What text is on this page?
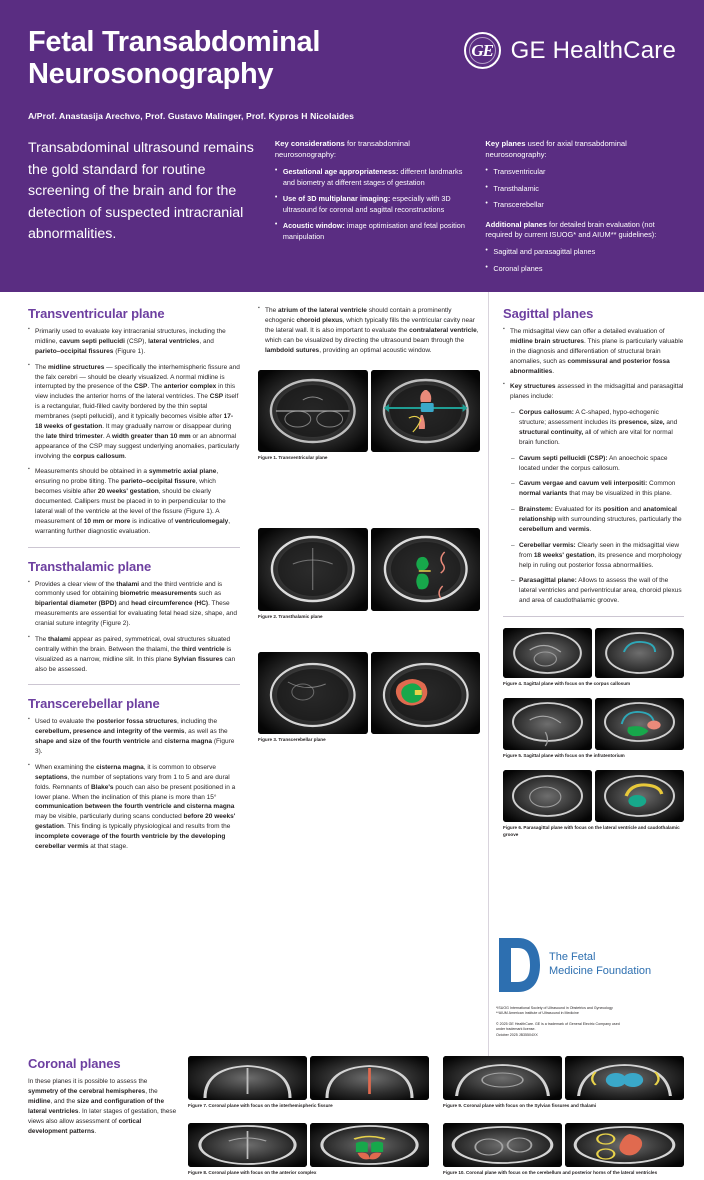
Fetal Transabdominal Neurosonography
GE GE HealthCare
A/Prof. Anastasija Arechvo, Prof. Gustavo Malinger, Prof. Kypros H Nicolaides
Transabdominal ultrasound remains the gold standard for routine screening of the brain and for the detection of suspected intracranial abnormalities.
Key considerations for transabdominal neurosonography:
• Gestational age appropriateness: different landmarks and biometry at different stages of gestation
• Use of 3D multiplanar imaging: especially with 3D ultrasound for coronal and sagittal reconstructions
• Acoustic window: image optimisation and fetal position manipulation
Key planes used for axial transabdominal neurosonography:
• Transventricular
• Transthalamic
• Transcerebellar
Additional planes for detailed brain evaluation (not required by current ISUOG* and AIUM** guidelines):
• Sagittal and parasagittal planes
• Coronal planes
Transventricular plane
▪ Primarily used to evaluate key intracranial structures, including the midline, cavum septi pellucidi (CSP), lateral ventricles, and parieto–occipital fissures (Figure 1).
▪ The midline structures — specifically the interhemispheric fissure and the falx cerebri — should be clearly visualized. A normal midline is interrupted by the presence of the CSP. The anterior complex in this view includes the anterior horns of the lateral ventricles. The CSP itself is a rectangular, fluid-filled cavity bordered by the thin septal membranes (septi pellucidi), and it typically becomes visible after 17-18 weeks of gestation. It may gradually narrow or disappear during the late third trimester. A width greater than 10 mm or an abnormal appearance of the CSP may suggest underlying anomalies, particularly involving the corpus callosum.
▪ Measurements should be obtained in a symmetric axial plane, ensuring no probe tilting. The parieto–occipital fissure, which becomes visible after 20 weeks' gestation, should be clearly documented. Callipers must be placed in to in perpendicular to the lateral wall of the ventricle at the level of the fissure (Figure 1). A measurement of 10 mm or more is indicative of ventriculomegaly, warranting further diagnostic evaluation.
Transthalamic plane
▪ Provides a clear view of the thalami and the third ventricle and is commonly used for obtaining biometric measurements such as bipariental diameter (BPD) and head circumference (HC). These measurements are essential for evaluating fetal head size, shape, and cranial suture integrity (Figure 2).
▪ The thalami appear as paired, symmetrical, oval structures situated centrally within the brain. Between the thalami, the third ventricle is visualized as a narrow, midline slit. In this plane Sylvian fissures can also be assessed.
Transcerebellar plane
▪ Used to evaluate the posterior fossa structures, including the cerebellum, presence and integrity of the vermis, as well as the shape and size of the fourth ventricle and cisterna magna (Figure 3).
▪ When examining the cisterna magna, it is common to observe septations, the number of septations vary from 1 to 5 and are dural folds. Remnants of Blake's pouch can also be present positioned in a lower plane. When the inclination of this plane is more than 15° communication between the fourth ventricle and cisterna magna may be visible, particularly during scans conducted before 20 weeks' gestation. This finding is typically physiological and results from the incomplete coverage of the fourth ventricle by the developing cerebellar vermis at that stage.
▪ The atrium of the lateral ventricle should contain a prominently echogenic choroid plexus, which typically fills the ventricular cavity near the lateral wall. It is also important to evaluate the contralateral ventricle, which can be visualized by directing the ultrasound beam through the lambdoid sutures, providing an optimal acoustic window.
Figure 1. Transventricular plane
Figure 2. Transthalamic plane
Figure 3. Transcerebellar plane
Sagittal planes
▪ The midsagittal view can offer a detailed evaluation of midline brain structures. This plane is particularly valuable in the diagnosis and differentiation of structural brain anomalies, such as commissural and posterior fossa abnormalities.
▪ Key structures assessed in the midsagittal and parasagittal planes include:
– Corpus callosum: A C-shaped, hypo-echogenic structure; assessment includes its presence, size, and structural continuity, all of which are vital for normal brain function.
– Cavum septi pellucidi (CSP): An anoechoic space located under the corpus callosum.
– Cavum vergae and cavum veli interpositi: Common normal variants that may be visualized in this plane.
– Brainstem: Evaluated for its position and anatomical relationship with surrounding structures, particularly the cerebellum and vermis.
– Cerebellar vermis: Clearly seen in the midsagittal view from 18 weeks' gestation, its presence and morphology help in ruling out posterior fossa abnormalities.
– Parasagittal plane: Allows to assess the wall of the lateral ventricles and periventricular area, choroid plexus and area of caudothalamic groove.
Figure 4. Sagittal plane with focus on the corpus callosum
Figure 5. Sagittal plane with focus on the infratentorium
Figure 6. Parasagittal plane with focus on the lateral ventricle and caudothalamic groove
Coronal planes

In these planes it is possible to assess the symmetry of the cerebral hemispheres, the midline, and the size and configuration of the lateral ventricles. In later stages of gestation, these views also allow assessment of cortical development patterns.

Figure 7. Coronal plane with focus on the interhemispheric fissure	Figure 9. Coronal plane with focus on the Sylvian fissures and thalami
Figure 8. Coronal plane with focus on the anterior complex	Figure 10. Coronal plane with focus on the cerebellum and posterior horns of the lateral ventricles
The Fetal
Medicine Foundation
*ISUOG International Society of Ultrasound in Obstetrics and Gynecology
**AIUM American Institute of Ultrasound in Medicine
© 2025 GE HealthCare. GE is a trademark of General Electric Company used
under trademark license.
October 2025 JB35504XX
